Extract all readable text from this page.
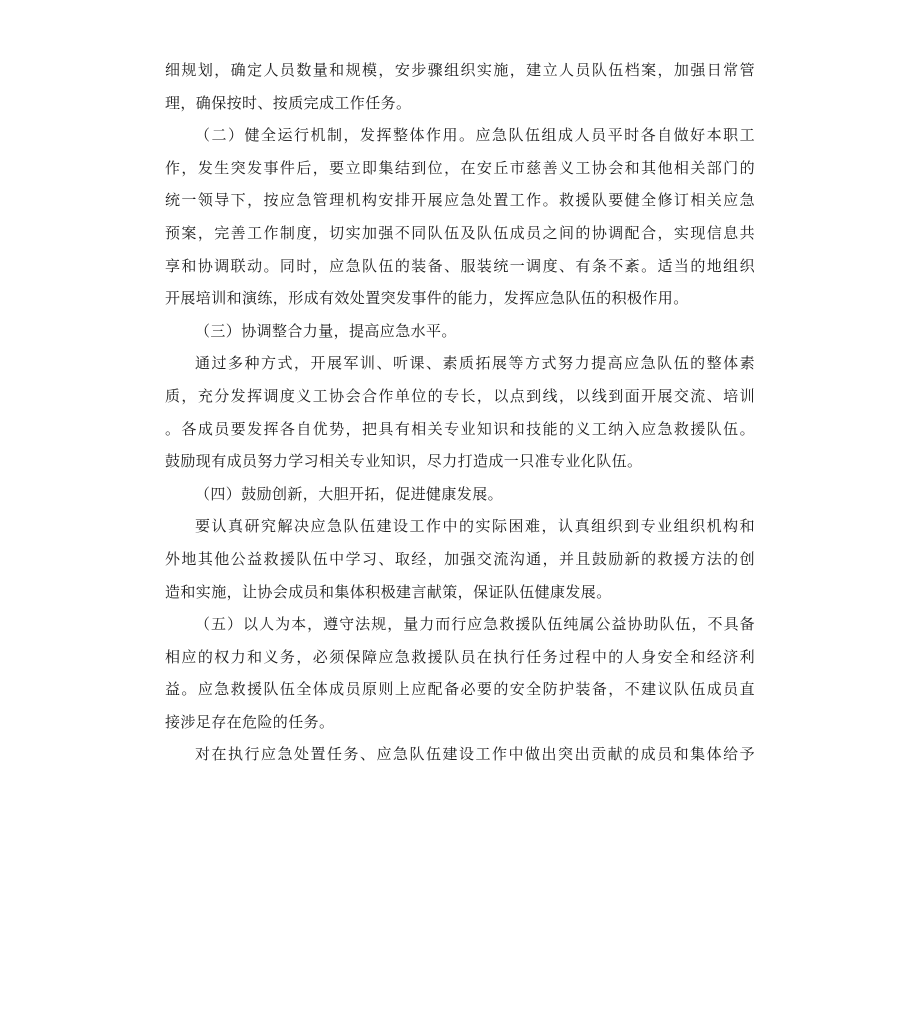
细规划，确定人员数量和规模，安步骤组织实施，建立人员队伍档案，加强日常管
理，确保按时、按质完成工作任务。
（二）健全运行机制，发挥整体作用。应急队伍组成人员平时各自做好本职工
作，发生突发事件后，要立即集结到位，在安丘市慈善义工协会和其他相关部门的
统一领导下，按应急管理机构安排开展应急处置工作。救援队要健全修订相关应急
预案，完善工作制度，切实加强不同队伍及队伍成员之间的协调配合，实现信息共
享和协调联动。同时，应急队伍的装备、服装统一调度、有条不紊。适当的地组织
开展培训和演练，形成有效处置突发事件的能力，发挥应急队伍的积极作用。
（三）协调整合力量，提高应急水平。
通过多种方式，开展军训、听课、素质拓展等方式努力提高应急队伍的整体素
质，充分发挥调度义工协会合作单位的专长，以点到线，以线到面开展交流、培训
。各成员要发挥各自优势，把具有相关专业知识和技能的义工纳入应急救援队伍。
鼓励现有成员努力学习相关专业知识，尽力打造成一只准专业化队伍。
（四）鼓励创新，大胆开拓，促进健康发展。
要认真研究解决应急队伍建设工作中的实际困难，认真组织到专业组织机构和
外地其他公益救援队伍中学习、取经，加强交流沟通，并且鼓励新的救援方法的创
造和实施，让协会成员和集体积极建言献策，保证队伍健康发展。
（五）以人为本，遵守法规，量力而行应急救援队伍纯属公益协助队伍，不具备
相应的权力和义务，必须保障应急救援队员在执行任务过程中的人身安全和经济利
益。应急救援队伍全体成员原则上应配备必要的安全防护装备，不建议队伍成员直
接涉足存在危险的任务。
对在执行应急处置任务、应急队伍建设工作中做出突出贡献的成员和集体给予
